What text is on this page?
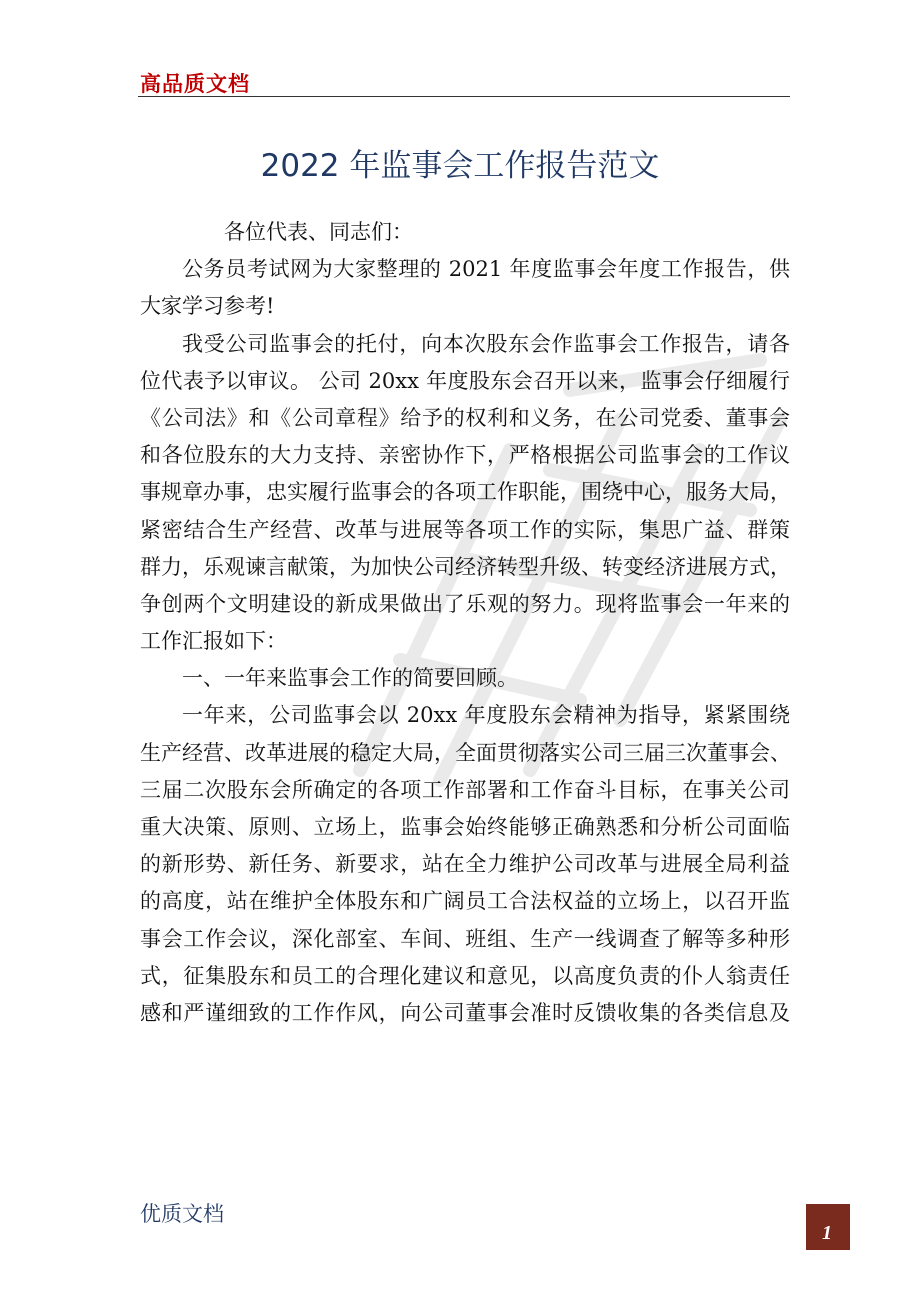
高品质文档
2022 年监事会工作报告范文
各位代表、同志们：
公务员考试网为大家整理的 2021 年度监事会年度工作报告，供
大家学习参考!
我受公司监事会的托付，向本次股东会作监事会工作报告，请各
位代表予以审议。 公司 20xx 年度股东会召开以来，监事会仔细履行
《公司法》和《公司章程》给予的权利和义务，在公司党委、董事会
和各位股东的大力支持、亲密协作下，严格根据公司监事会的工作议
事规章办事，忠实履行监事会的各项工作职能，围绕中心，服务大局，
紧密结合生产经营、改革与进展等各项工作的实际，集思广益、群策
群力，乐观谏言献策，为加快公司经济转型升级、转变经济进展方式，
争创两个文明建设的新成果做出了乐观的努力。现将监事会一年来的
工作汇报如下：
一、一年来监事会工作的简要回顾。
一年来，公司监事会以 20xx 年度股东会精神为指导，紧紧围绕
生产经营、改革进展的稳定大局，全面贯彻落实公司三届三次董事会、
三届二次股东会所确定的各项工作部署和工作奋斗目标，在事关公司
重大决策、原则、立场上，监事会始终能够正确熟悉和分析公司面临
的新形势、新任务、新要求，站在全力维护公司改革与进展全局利益
的高度，站在维护全体股东和广阔员工合法权益的立场上，以召开监
事会工作会议，深化部室、车间、班组、生产一线调查了解等多种形
式，征集股东和员工的合理化建议和意见，以高度负责的仆人翁责任
感和严谨细致的工作作风，向公司董事会准时反馈收集的各类信息及
优质文档
1
